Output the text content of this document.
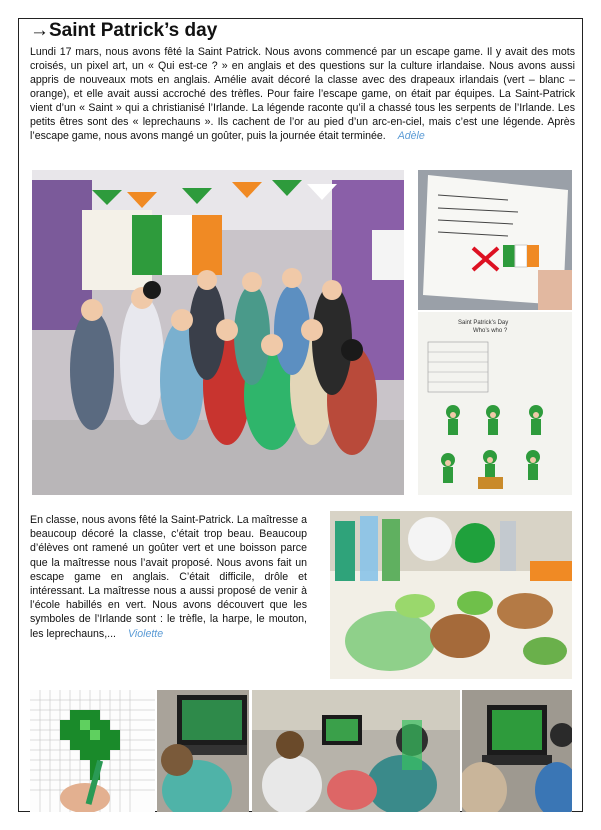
→Saint Patrick’s day

Lundi 17 mars, nous avons fêté la Saint Patrick. Nous avons commencé par un escape game. Il y avait des mots croisés, un pixel art, un « Qui est-ce ? » en anglais et des questions sur la culture irlandaise. Nous avons aussi appris de nouveaux mots en anglais. Amélie avait décoré la classe avec des drapeaux irlandais (vert – blanc – orange), et elle avait aussi accroché des trèfles. Pour faire l’escape game, on était par équipes. La Saint-Patrick vient d’un « Saint » qui a christianisé l’Irlande. La légende raconte qu’il a chassé tous les serpents de l’Irlande. Les petits êtres sont des « leprechauns ». Ils cachent de l’or au pied d’un arc-en-ciel, mais c’est une légende. Après l’escape game, nous avons mangé un goûter, puis la journée était terminée. Adèle

Saint Patrick’s Day
Who’s who ?

En classe, nous avons fêté la Saint-Patrick. La maîtresse a beaucoup décoré la classe, c’était trop beau. Beaucoup d’élèves ont ramené un goûter vert et une boisson parce que la maîtresse nous l’avait proposé. Nous avons fait un escape game en anglais. C’était difficile, drôle et intéressant. La maîtresse nous a aussi proposé de venir à l’école habillés en vert. Nous avons découvert que les symboles de l’Irlande sont : le trèfle, la harpe, le mouton, les leprechauns,... Violette
